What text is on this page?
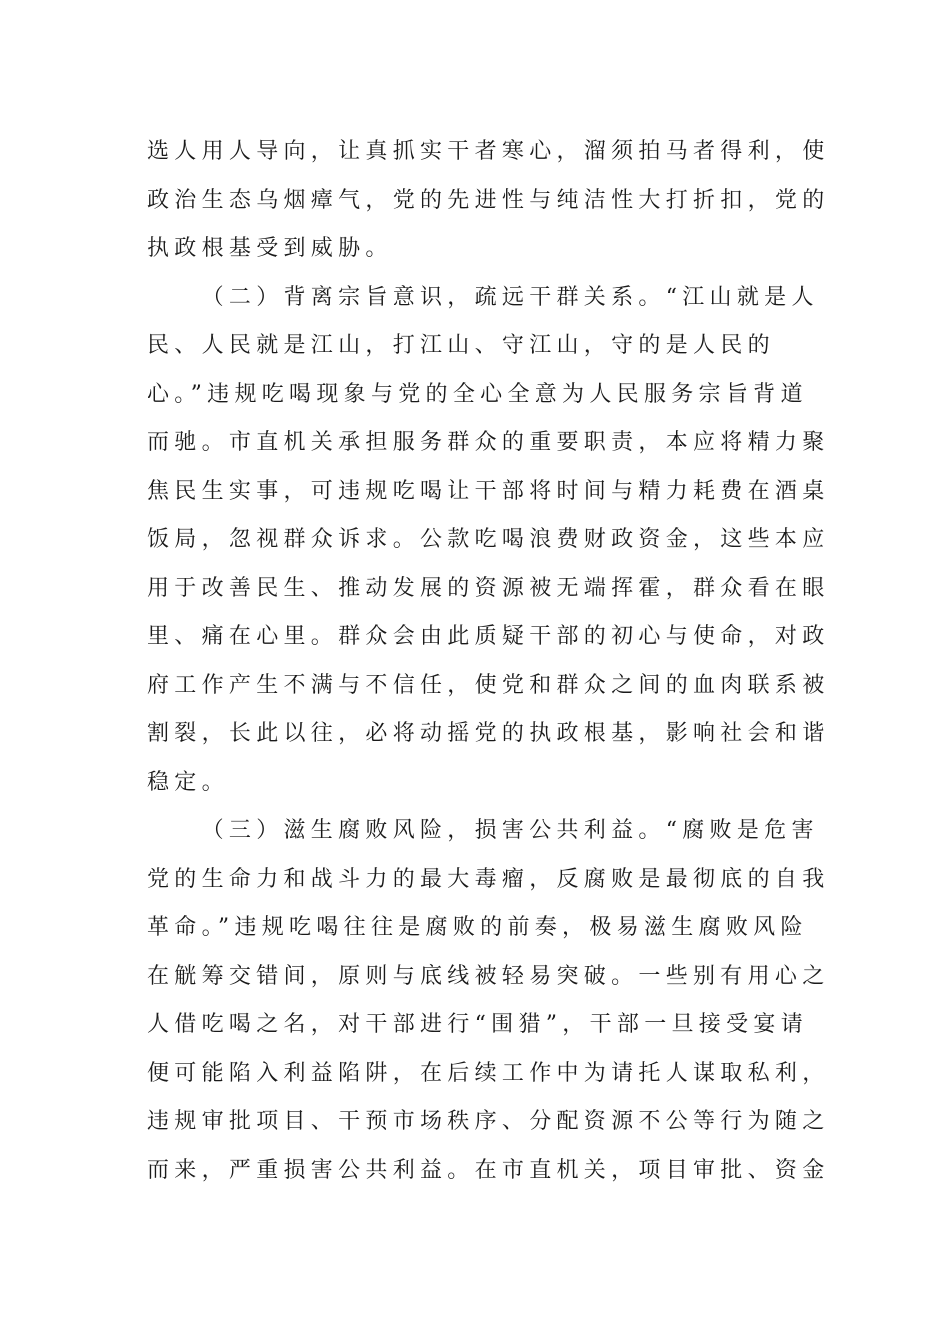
选人用人导向，让真抓实干者寒心，溜须拍马者得利，使
政治生态乌烟瘴气，党的先进性与纯洁性大打折扣，党的
执政根基受到威胁。
（二）背离宗旨意识，疏远干群关系。“江山就是人
民、人民就是江山，打江山、守江山，守的是人民的
心。”违规吃喝现象与党的全心全意为人民服务宗旨背道
而驰。市直机关承担服务群众的重要职责，本应将精力聚
焦民生实事，可违规吃喝让干部将时间与精力耗费在酒桌
饭局，忽视群众诉求。公款吃喝浪费财政资金，这些本应
用于改善民生、推动发展的资源被无端挥霍，群众看在眼
里、痛在心里。群众会由此质疑干部的初心与使命，对政
府工作产生不满与不信任，使党和群众之间的血肉联系被
割裂，长此以往，必将动摇党的执政根基，影响社会和谐
稳定。
（三）滋生腐败风险，损害公共利益。“腐败是危害
党的生命力和战斗力的最大毒瘤，反腐败是最彻底的自我
革命。”违规吃喝往往是腐败的前奏，极易滋生腐败风险
在觥筹交错间，原则与底线被轻易突破。一些别有用心之
人借吃喝之名，对干部进行“围猎”，干部一旦接受宴请
便可能陷入利益陷阱，在后续工作中为请托人谋取私利，
违规审批项目、干预市场秩序、分配资源不公等行为随之
而来，严重损害公共利益。在市直机关，项目审批、资金
